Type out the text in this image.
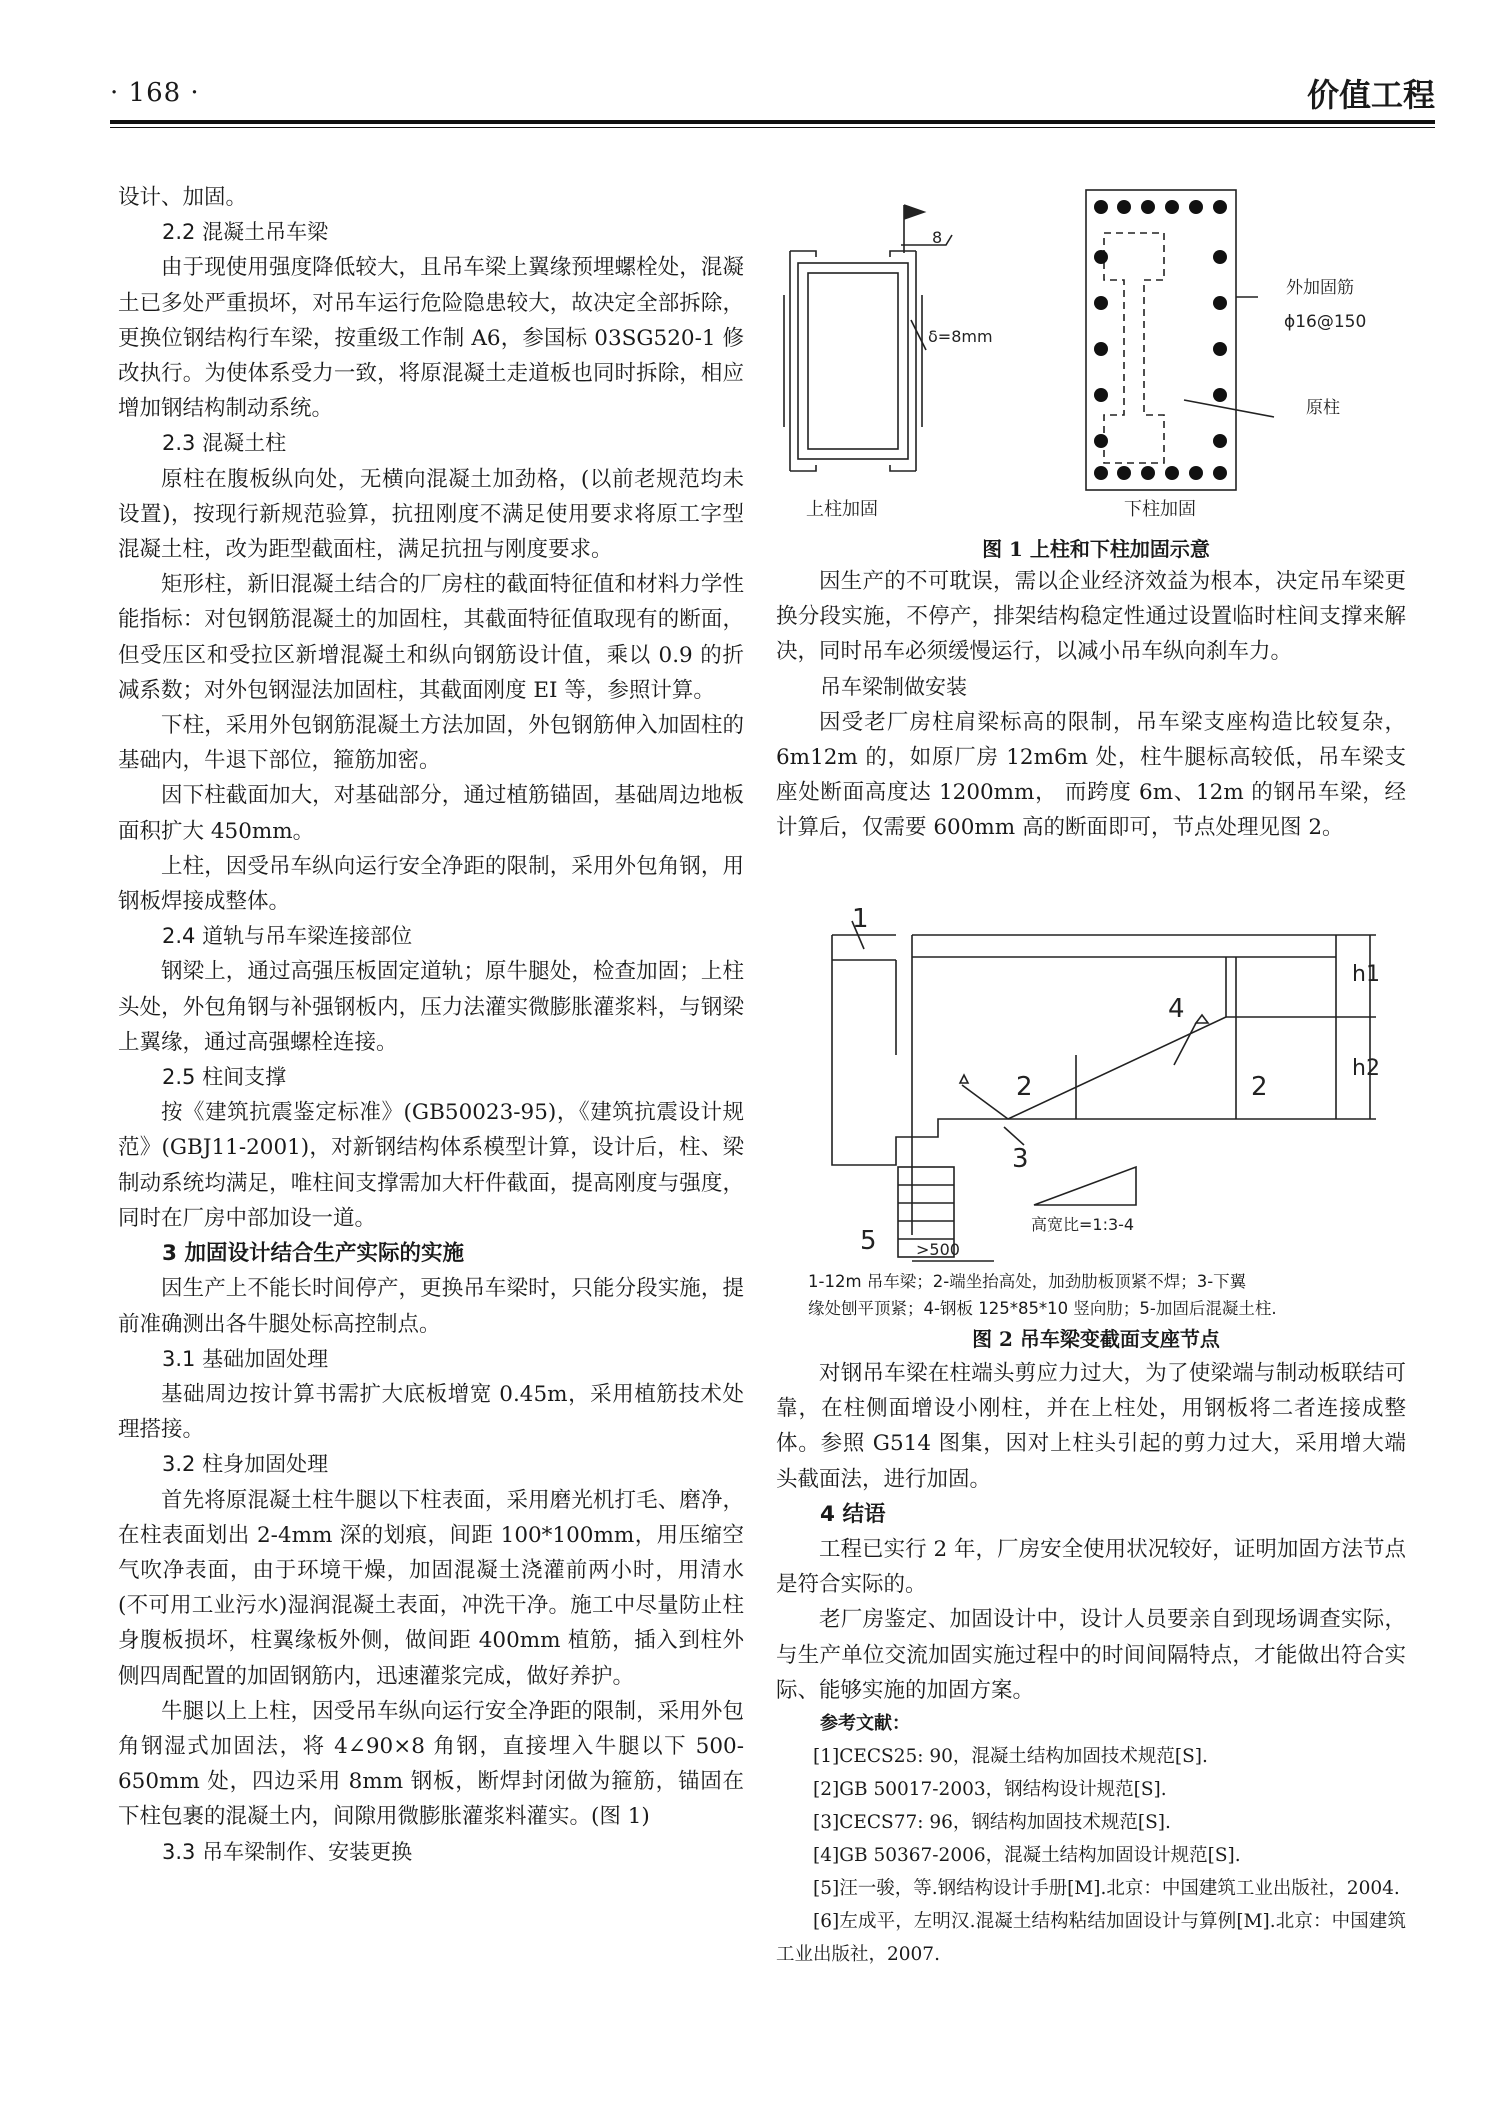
· 168 ·	价值工程

设计、加固。

2.2 混凝土吊车梁

由于现使用强度降低较大，且吊车梁上翼缘预埋螺栓处，混凝土已多处严重损坏，对吊车运行危险隐患较大，故决定全部拆除，更换位钢结构行车梁，按重级工作制 A6，参国标 03SG520-1 修改执行。为使体系受力一致，将原混凝土走道板也同时拆除，相应增加钢结构制动系统。

2.3 混凝土柱

原柱在腹板纵向处，无横向混凝土加劲格，(以前老规范均未设置)，按现行新规范验算，抗扭刚度不满足使用要求将原工字型混凝土柱，改为距型截面柱，满足抗扭与刚度要求。

矩形柱，新旧混凝土结合的厂房柱的截面特征值和材料力学性能指标：对包钢筋混凝土的加固柱，其截面特征值取现有的断面，但受压区和受拉区新增混凝土和纵向钢筋设计值，乘以 0.9 的折减系数；对外包钢湿法加固柱，其截面刚度 EI 等，参照计算。

下柱，采用外包钢筋混凝土方法加固，外包钢筋伸入加固柱的基础内，牛退下部位，箍筋加密。

因下柱截面加大，对基础部分，通过植筋锚固，基础周边地板面积扩大 450mm。

上柱，因受吊车纵向运行安全净距的限制，采用外包角钢，用钢板焊接成整体。

2.4 道轨与吊车梁连接部位

钢梁上，通过高强压板固定道轨；原牛腿处，检查加固；上柱头处，外包角钢与补强钢板内，压力法灌实微膨胀灌浆料，与钢梁上翼缘，通过高强螺栓连接。

2.5 柱间支撑

按《建筑抗震鉴定标准》(GB50023-95)，《建筑抗震设计规范》(GBJ11-2001)，对新钢结构体系模型计算，设计后，柱、梁制动系统均满足，唯柱间支撑需加大杆件截面，提高刚度与强度，同时在厂房中部加设一道。

3 加固设计结合生产实际的实施

因生产上不能长时间停产，更换吊车梁时，只能分段实施，提前准确测出各牛腿处标高控制点。

3.1 基础加固处理

基础周边按计算书需扩大底板增宽 0.45m，采用植筋技术处理搭接。

3.2 柱身加固处理

首先将原混凝土柱牛腿以下柱表面，采用磨光机打毛、磨净，在柱表面划出 2-4mm 深的划痕，间距 100*100mm，用压缩空气吹净表面，由于环境干燥，加固混凝土浇灌前两小时，用清水(不可用工业污水)湿润混凝土表面，冲洗干净。施工中尽量防止柱身腹板损坏，柱翼缘板外侧，做间距 400mm 植筋，插入到柱外侧四周配置的加固钢筋内，迅速灌浆完成，做好养护。

牛腿以上上柱，因受吊车纵向运行安全净距的限制，采用外包角钢湿式加固法，将 4∠90×8 角钢，直接埋入牛腿以下 500-650mm 处，四边采用 8mm 钢板，断焊封闭做为箍筋，锚固在下柱包裹的混凝土内，间隙用微膨胀灌浆料灌实。(图 1)

3.3 吊车梁制作、安装更换

8
δ=8mm
上柱加固
外加固筋
ϕ16@150
原柱
下柱加固
图 1 上柱和下柱加固示意

因生产的不可耽误，需以企业经济效益为根本，决定吊车梁更换分段实施，不停产，排架结构稳定性通过设置临时柱间支撑来解决，同时吊车必须缓慢运行，以减小吊车纵向刹车力。

吊车梁制做安装

因受老厂房柱肩梁标高的限制，吊车梁支座构造比较复杂，6m12m 的，如原厂房 12m6m 处，柱牛腿标高较低，吊车梁支座处断面高度达 1200mm， 而跨度 6m、12m 的钢吊车梁，经计算后，仅需要 600mm 高的断面即可，节点处理见图 2。

1
2	2
3
4
5
h1
h2
>500
高宽比=1:3-4
1-12m 吊车梁；2-端坐抬高处，加劲肋板顶紧不焊；3-下翼
缘处刨平顶紧；4-钢板 125*85*10 竖向肋；5-加固后混凝土柱.
图 2 吊车梁变截面支座节点

对钢吊车梁在柱端头剪应力过大，为了使梁端与制动板联结可靠，在柱侧面增设小刚柱，并在上柱处，用钢板将二者连接成整体。参照 G514 图集，因对上柱头引起的剪力过大，采用增大端头截面法，进行加固。

4 结语

工程已实行 2 年，厂房安全使用状况较好，证明加固方法节点是符合实际的。

老厂房鉴定、加固设计中，设计人员要亲自到现场调查实际，与生产单位交流加固实施过程中的时间间隔特点，才能做出符合实际、能够实施的加固方案。

参考文献：

[1]CECS25: 90，混凝土结构加固技术规范[S].

[2]GB 50017-2003，钢结构设计规范[S].

[3]CECS77: 96，钢结构加固技术规范[S].

[4]GB 50367-2006，混凝土结构加固设计规范[S].

[5]汪一骏，等.钢结构设计手册[M].北京：中国建筑工业出版社，2004.

[6]左成平，左明汉.混凝土结构粘结加固设计与算例[M].北京：中国建筑工业出版社，2007.
